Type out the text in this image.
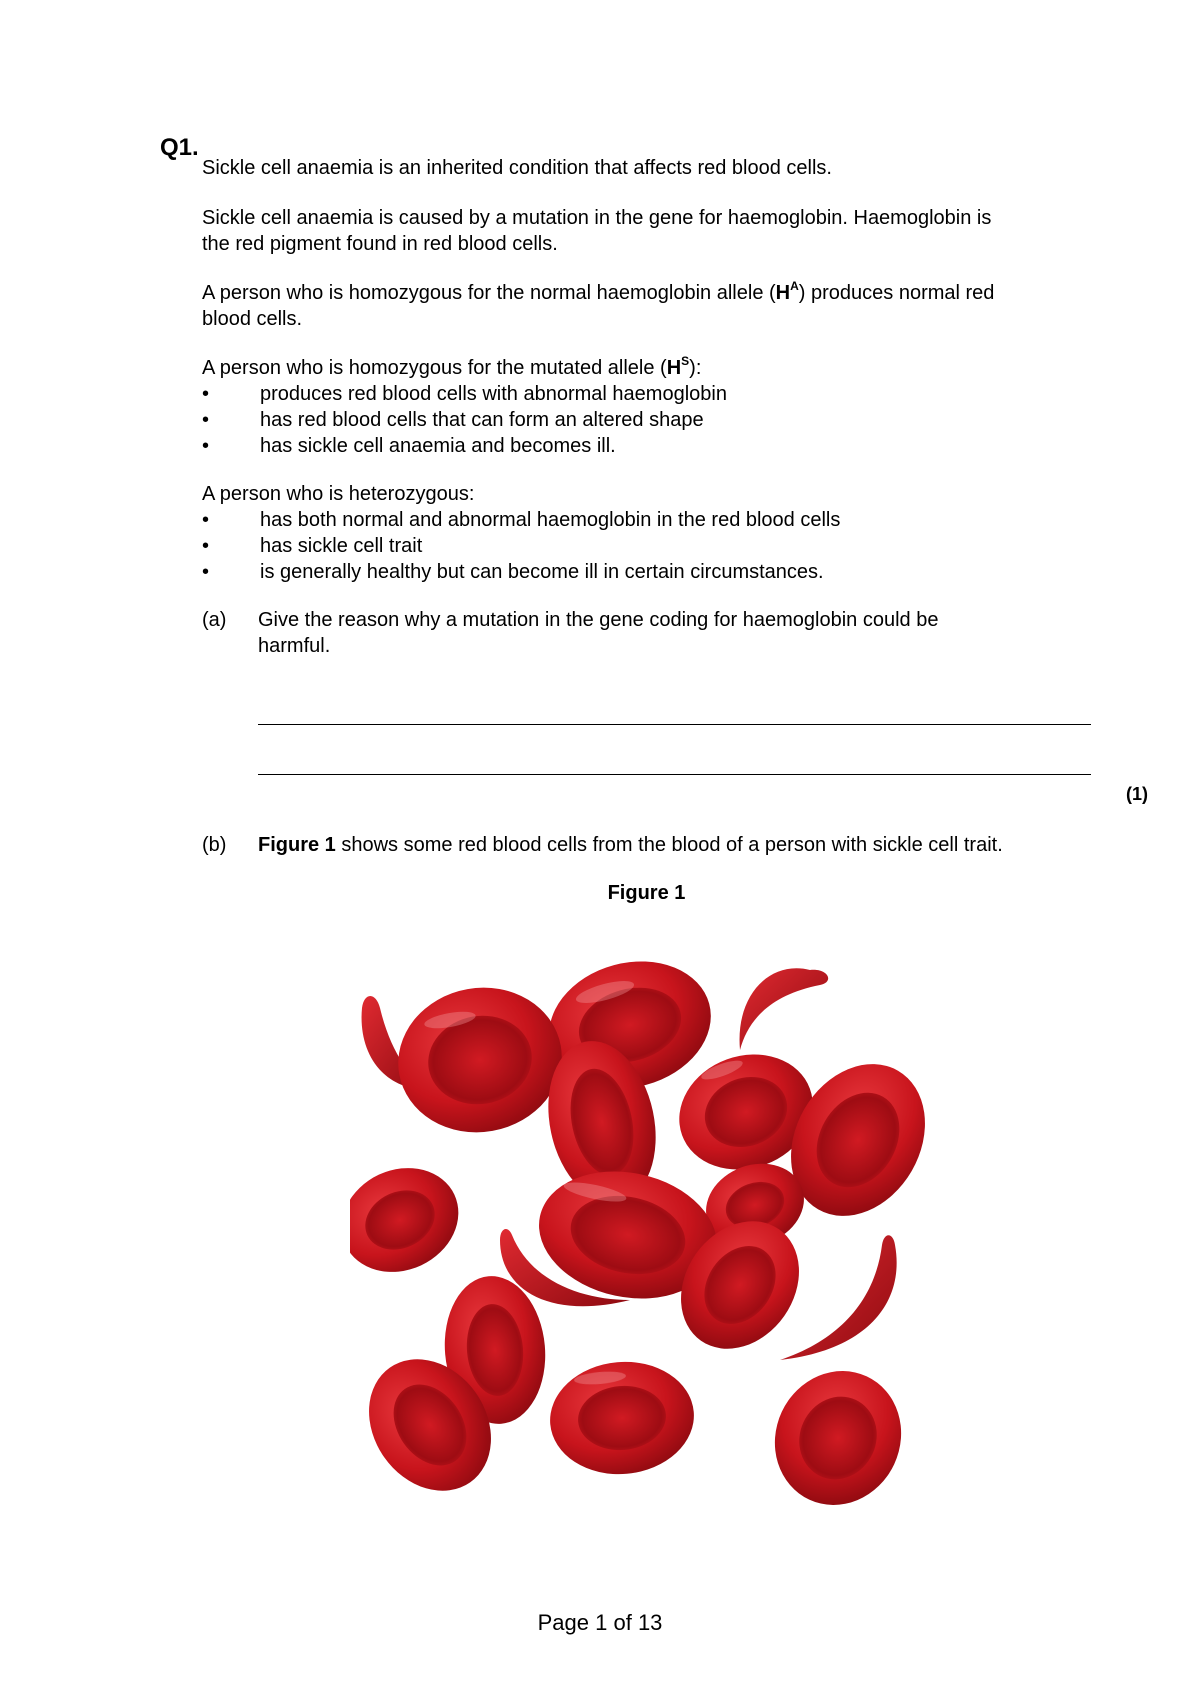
Q1.
Sickle cell anaemia is an inherited condition that affects red blood cells.
Sickle cell anaemia is caused by a mutation in the gene for haemoglobin. Haemoglobin is
the red pigment found in red blood cells.
A person who is homozygous for the normal haemoglobin allele $(H^A)$ produces normal red
blood cells.
A person who is homozygous for the mutated allele $(H^S)$:
•	produces red blood cells with abnormal haemoglobin
•	has red blood cells that can form an altered shape
•	has sickle cell anaemia and becomes ill.
A person who is heterozygous:
•	has both normal and abnormal haemoglobin in the red blood cells
•	has sickle cell trait
•	is generally healthy but can become ill in certain circumstances.
(a) Give the reason why a mutation in the gene coding for haemoglobin could be
harmful.
(1)
(b) Figure 1 shows some red blood cells from the blood of a person with sickle cell trait.
Figure 1
Page 1 of 13
